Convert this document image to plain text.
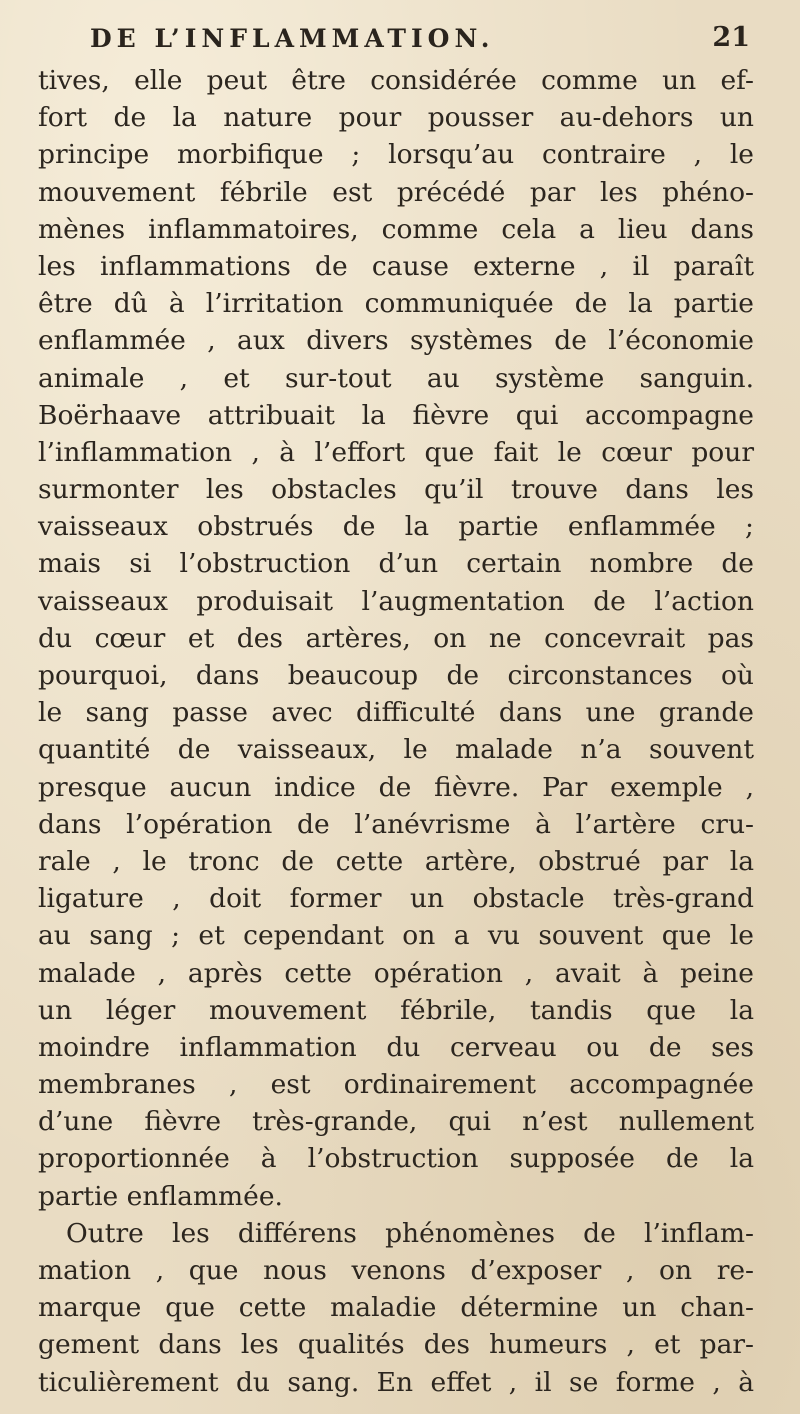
DE L’INFLAMMATION.	21
tives, elle peut être considérée comme un ef-
fort de la nature pour pousser au-dehors un
principe morbifique ; lorsqu’au contraire , le
mouvement fébrile est précédé par les phéno-
mènes inflammatoires, comme cela a lieu dans
les inflammations de cause externe , il paraît
être dû à l’irritation communiquée de la partie
enflammée , aux divers systèmes de l’économie
animale , et sur-tout au système sanguin.
Boërhaave attribuait la fièvre qui accompagne
l’inflammation , à l’effort que fait le cœur pour
surmonter les obstacles qu’il trouve dans les
vaisseaux obstrués de la partie enflammée ;
mais si l’obstruction d’un certain nombre de
vaisseaux produisait l’augmentation de l’action
du cœur et des artères, on ne concevrait pas
pourquoi, dans beaucoup de circonstances où
le sang passe avec difficulté dans une grande
quantité de vaisseaux, le malade n’a souvent
presque aucun indice de fièvre. Par exemple ,
dans l’opération de l’anévrisme à l’artère cru-
rale , le tronc de cette artère, obstrué par la
ligature , doit former un obstacle très-grand
au sang ; et cependant on a vu souvent que le
malade , après cette opération , avait à peine
un léger mouvement fébrile, tandis que la
moindre inflammation du cerveau ou de ses
membranes , est ordinairement accompagnée
d’une fièvre très-grande, qui n’est nullement
proportionnée à l’obstruction supposée de la
partie enflammée.
Outre les différens phénomènes de l’inflam-
mation , que nous venons d’exposer , on re-
marque que cette maladie détermine un chan-
gement dans les qualités des humeurs , et par-
ticulièrement du sang. En effet , il se forme , à
